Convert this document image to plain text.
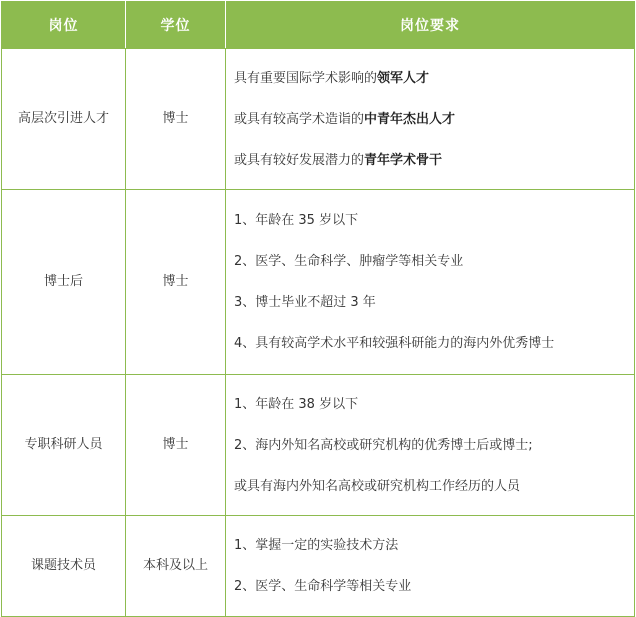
岗位	学位	岗位要求
高层次引进人才	博士	具有重要国际学术影响的领军人才
或具有较高学术造诣的中青年杰出人才
或具有较好发展潜力的青年学术骨干

博士后	博士	1、年龄在 35 岁以下
2、医学、生命科学、肿瘤学等相关专业
3、博士毕业不超过 3 年
4、具有较高学术水平和较强科研能力的海内外优秀博士

专职科研人员	博士	1、年龄在 38 岁以下
2、海内外知名高校或研究机构的优秀博士后或博士;
或具有海内外知名高校或研究机构工作经历的人员

课题技术员	本科及以上	1、掌握一定的实验技术方法
2、医学、生命科学等相关专业
